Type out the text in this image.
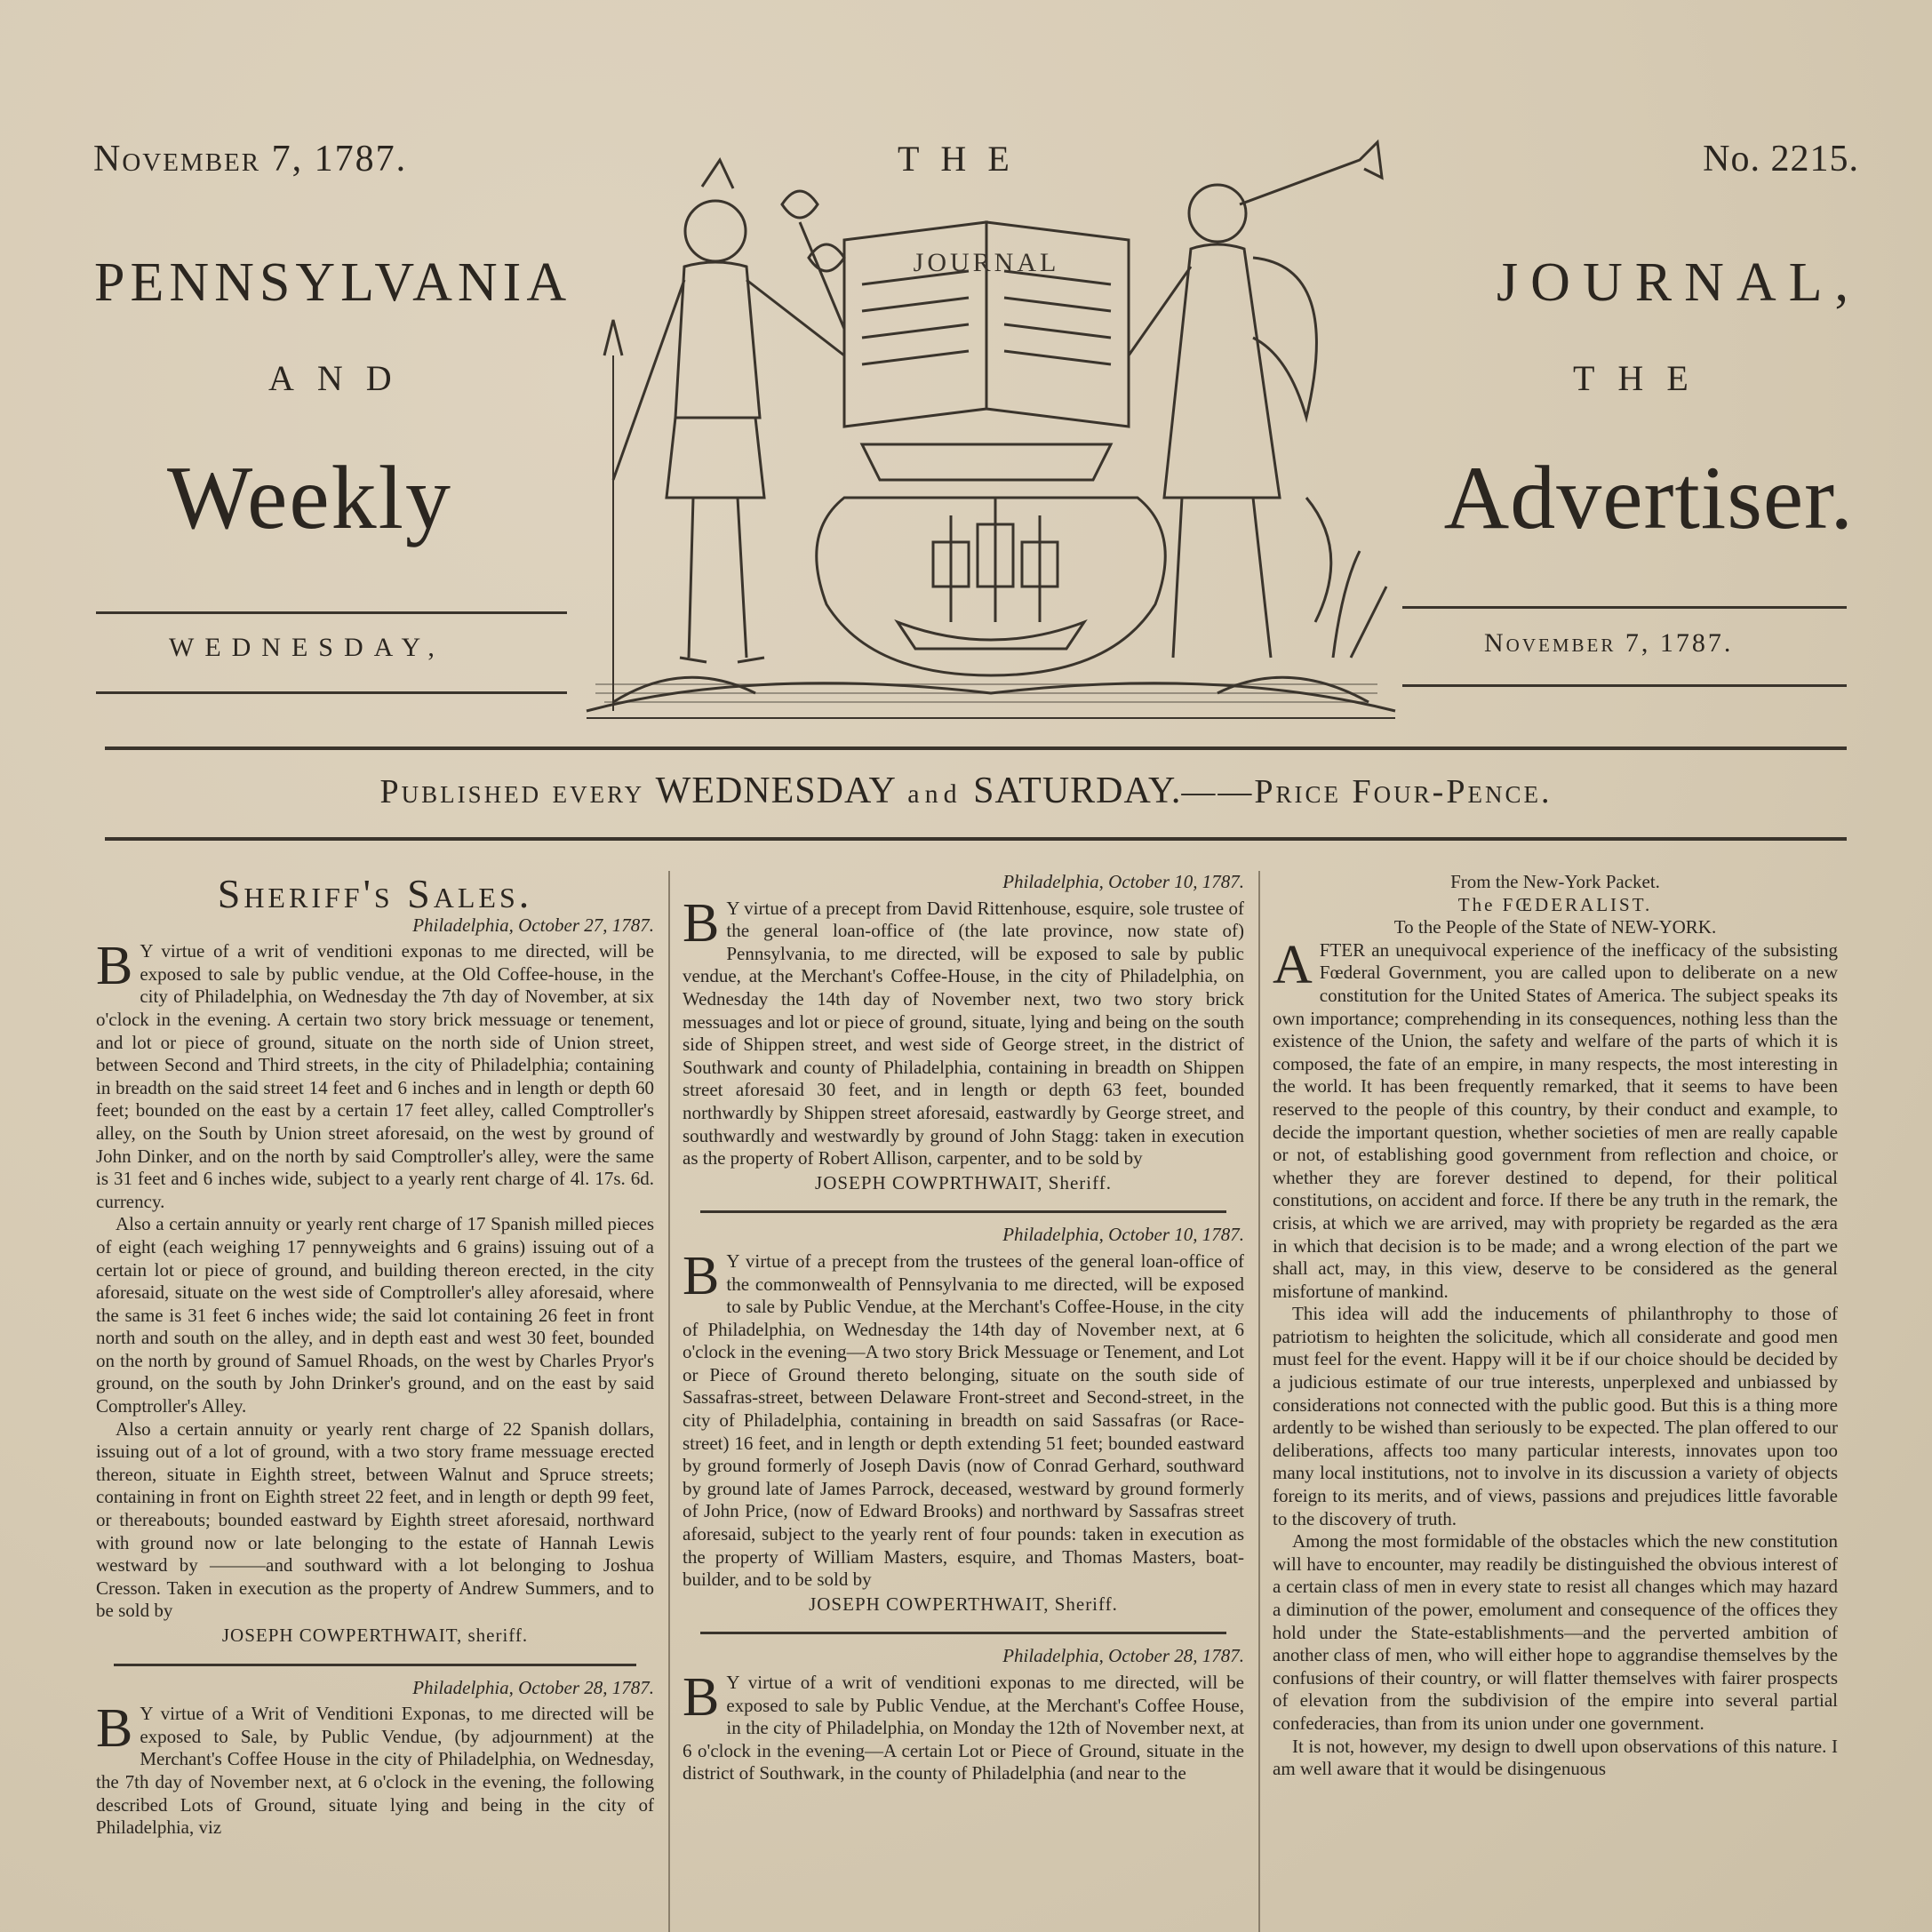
November 7, 1787.	No. 2215.
THE
PENNSYLVANIA	JOURNAL,
AND	THE
Weekly	Advertiser.
JOURNAL
WEDNESDAY,	November 7, 1787.
Published every WEDNESDAY and SATURDAY.——Price Four-Pence.
Sheriff's Sales.

Philadelphia, October 27, 1787.

B Y virtue of a writ of venditioni exponas to me directed, will be exposed to sale by public vendue, at the Old Coffee-house, in the city of Philadelphia, on Wednesday the 7th day of November, at six o'clock in the evening. A certain two story brick messuage or tenement, and lot or piece of ground, situate on the north side of Union street, between Second and Third streets, in the city of Philadelphia; containing in breadth on the said street 14 feet and 6 inches and in length or depth 60 feet; bounded on the east by a certain 17 feet alley, called Comptroller's alley, on the South by Union street aforesaid, on the west by ground of John Dinker, and on the north by said Comptroller's alley, were the same is 31 feet and 6 inches wide, subject to a yearly rent charge of 4l. 17s. 6d. currency.

Also a certain annuity or yearly rent charge of 17 Spanish milled pieces of eight (each weighing 17 pennyweights and 6 grains) issuing out of a certain lot or piece of ground, and building thereon erected, in the city aforesaid, situate on the west side of Comptroller's alley aforesaid, where the same is 31 feet 6 inches wide; the said lot containing 26 feet in front north and south on the alley, and in depth east and west 30 feet, bounded on the north by ground of Samuel Rhoads, on the west by Charles Pryor's ground, on the south by John Drinker's ground, and on the east by said Comptroller's Alley.

Also a certain annuity or yearly rent charge of 22 Spanish dollars, issuing out of a lot of ground, with a two story frame messuage erected thereon, situate in Eighth street, between Walnut and Spruce streets; containing in front on Eighth street 22 feet, and in length or depth 99 feet, or thereabouts; bounded eastward by Eighth street aforesaid, northward with ground now or late belonging to the estate of Hannah Lewis westward by ———and southward with a lot belonging to Joshua Cresson. Taken in execution as the property of Andrew Summers, and to be sold by

JOSEPH COWPERTHWAIT, sheriff.

Philadelphia, October 28, 1787.

B Y virtue of a Writ of Venditioni Exponas, to me directed will be exposed to Sale, by Public Vendue, (by adjournment) at the Merchant's Coffee House in the city of Philadelphia, on Wednesday, the 7th day of November next, at 6 o'clock in the evening, the following described Lots of Ground, situate lying and being in the city of Philadelphia, viz

Philadelphia, October 10, 1787.

B Y virtue of a precept from David Rittenhouse, esquire, sole trustee of the general loan-office of (the late province, now state of) Pennsylvania, to me directed, will be exposed to sale by public vendue, at the Merchant's Coffee-House, in the city of Philadelphia, on Wednesday the 14th day of November next, two two story brick messuages and lot or piece of ground, situate, lying and being on the south side of Shippen street, and west side of George street, in the district of Southwark and county of Philadelphia, containing in breadth on Shippen street aforesaid 30 feet, and in length or depth 63 feet, bounded northwardly by Shippen street aforesaid, eastwardly by George street, and southwardly and westwardly by ground of John Stagg: taken in execution as the property of Robert Allison, carpenter, and to be sold by

JOSEPH COWPRTHWAIT, Sheriff.

Philadelphia, October 10, 1787.

B Y virtue of a precept from the trustees of the general loan-office of the commonwealth of Pennsylvania to me directed, will be exposed to sale by Public Vendue, at the Merchant's Coffee-House, in the city of Philadelphia, on Wednesday the 14th day of November next, at 6 o'clock in the evening—A two story Brick Messuage or Tenement, and Lot or Piece of Ground thereto belonging, situate on the south side of Sassafras-street, between Delaware Front-street and Second-street, in the city of Philadelphia, containing in breadth on said Sassafras (or Race-street) 16 feet, and in length or depth extending 51 feet; bounded eastward by ground formerly of Joseph Davis (now of Conrad Gerhard, southward by ground late of James Parrock, deceased, westward by ground formerly of John Price, (now of Edward Brooks) and northward by Sassafras street aforesaid, subject to the yearly rent of four pounds: taken in execution as the property of William Masters, esquire, and Thomas Masters, boat-builder, and to be sold by

JOSEPH COWPERTHWAIT, Sheriff.

Philadelphia, October 28, 1787.

B Y virtue of a writ of venditioni exponas to me directed, will be exposed to sale by Public Vendue, at the Merchant's Coffee House, in the city of Philadelphia, on Monday the 12th of November next, at 6 o'clock in the evening—A certain Lot or Piece of Ground, situate in the district of Southwark, in the county of Philadelphia (and near to the

From the New-York Packet.

The FŒDERALIST.

To the People of the State of NEW-YORK.

AFTER an unequivocal experience of the inefficacy of the subsisting Fœderal Government, you are called upon to deliberate on a new constitution for the United States of America. The subject speaks its own importance; comprehending in its consequences, nothing less than the existence of the Union, the safety and welfare of the parts of which it is composed, the fate of an empire, in many respects, the most interesting in the world. It has been frequently remarked, that it seems to have been reserved to the people of this country, by their conduct and example, to decide the important question, whether societies of men are really capable or not, of establishing good government from reflection and choice, or whether they are forever destined to depend, for their political constitutions, on accident and force. If there be any truth in the remark, the crisis, at which we are arrived, may with propriety be regarded as the æra in which that decision is to be made; and a wrong election of the part we shall act, may, in this view, deserve to be considered as the general misfortune of mankind.

This idea will add the inducements of philanthrophy to those of patriotism to heighten the solicitude, which all considerate and good men must feel for the event. Happy will it be if our choice should be decided by a judicious estimate of our true interests, unperplexed and unbiassed by considerations not connected with the public good. But this is a thing more ardently to be wished than seriously to be expected. The plan offered to our deliberations, affects too many particular interests, innovates upon too many local institutions, not to involve in its discussion a variety of objects foreign to its merits, and of views, passions and prejudices little favorable to the discovery of truth.

Among the most formidable of the obstacles which the new constitution will have to encounter, may readily be distinguished the obvious interest of a certain class of men in every state to resist all changes which may hazard a diminution of the power, emolument and consequence of the offices they hold under the State-establishments—and the perverted ambition of another class of men, who will either hope to aggrandise themselves by the confusions of their country, or will flatter themselves with fairer prospects of elevation from the subdivision of the empire into several partial confederacies, than from its union under one government.

It is not, however, my design to dwell upon observations of this nature. I am well aware that it would be disingenuous
